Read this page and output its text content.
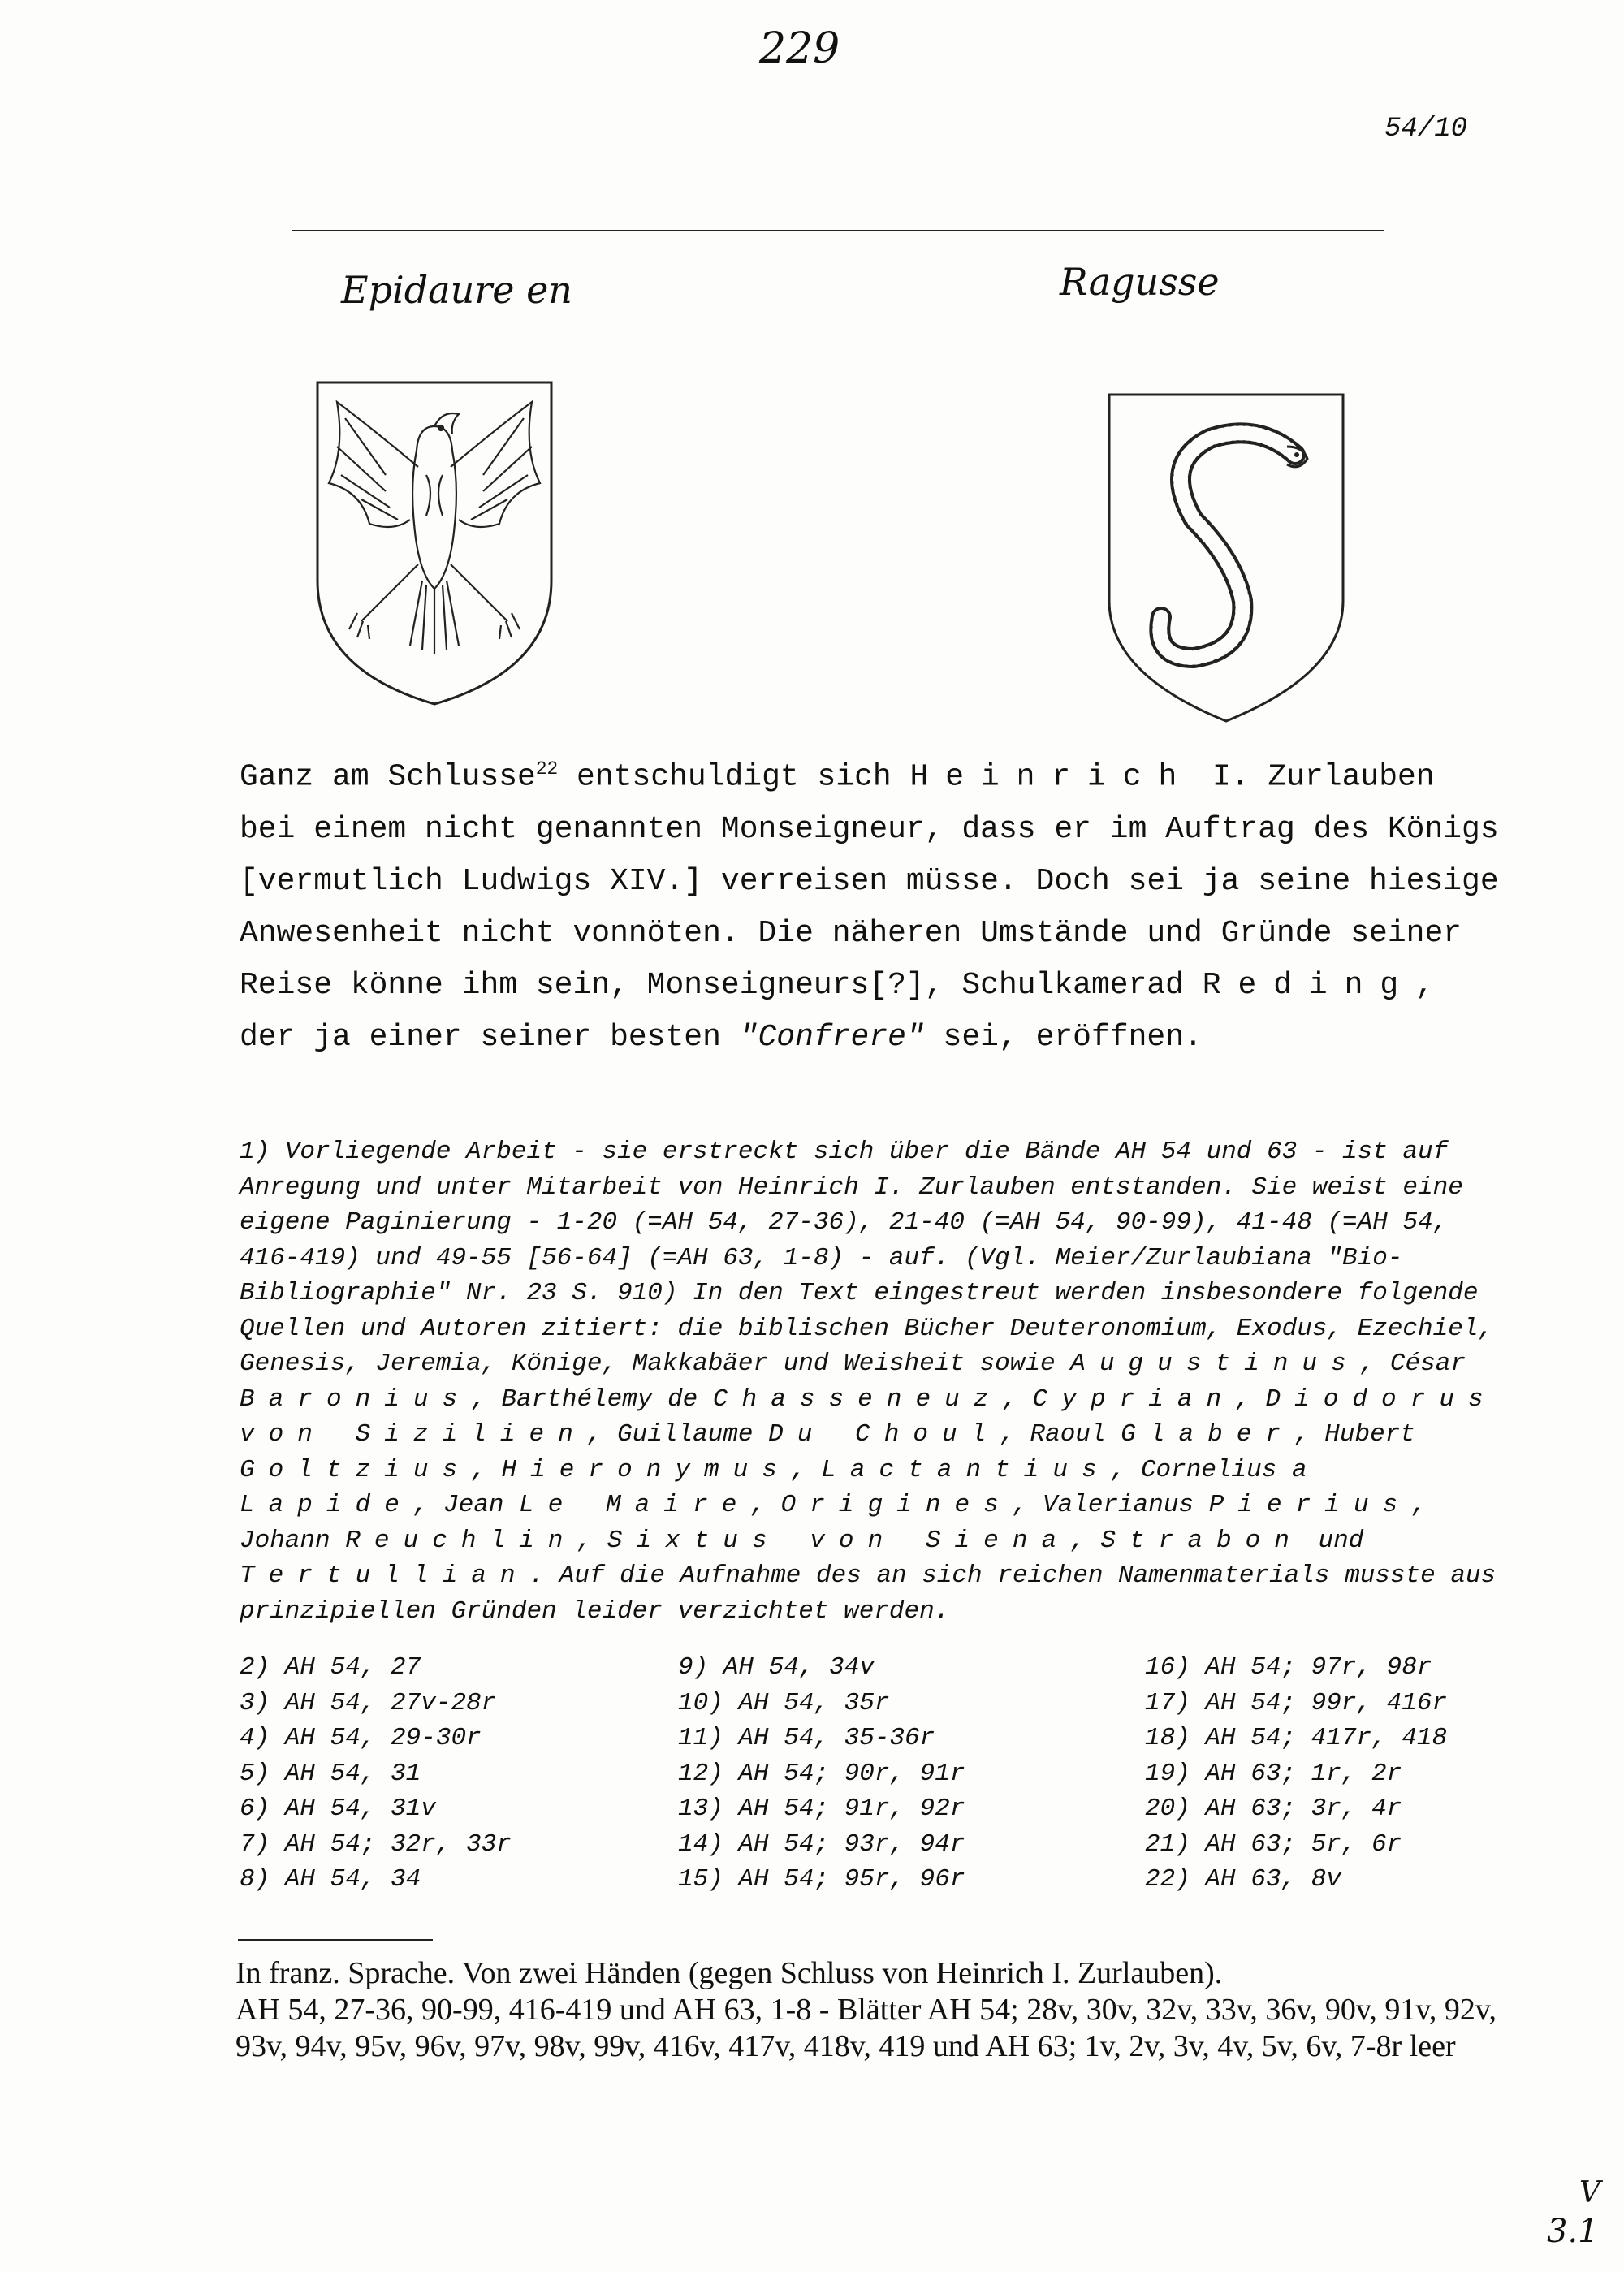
229
54/10
Epidaure en	Ragusse
Ganz am Schlusse$^{22}$ entschuldigt sich Heinrich I. Zurlauben bei einem nicht genannten Monseigneur, dass er im Auftrag des Königs [vermutlich Ludwigs XIV.] verreisen müsse. Doch sei ja seine hiesige Anwesenheit nicht vonnöten. Die näheren Umstände und Gründe seiner Reise könne ihm sein, Monseigneurs[?], Schulkamerad Reding, der ja einer seiner besten "Confrere" sei, eröffnen.
1) Vorliegende Arbeit - sie erstreckt sich über die Bände AH 54 und 63 - ist auf Anregung und unter Mitarbeit von Heinrich I. Zurlauben entstanden. Sie weist eine eigene Paginierung - 1-20 (=AH 54, 27-36), 21-40 (=AH 54, 90-99), 41-48 (=AH 54, 416-419) und 49-55 [56-64] (=AH 63, 1-8) - auf. (Vgl. Meier/Zurlaubiana "Bio-Bibliographie" Nr. 23 S. 910) In den Text eingestreut werden insbesondere folgende Quellen und Autoren zitiert: die biblischen Bücher Deuteronomium, Exodus, Ezechiel, Genesis, Jeremia, Könige, Makkabäer und Weisheit sowie Augustinus, César Baronius, Barthélemy de Chasseneuz, Cyprian, Diodorus von Sizilien, Guillaume Du Choul, Raoul Glaber, Hubert Goltzius, Hieronymus, Lactantius, Cornelius a Lapide, Jean Le Maire, Origines, Valerianus Pierius, Johann Reuchlin, Sixtus von Siena, Strabon und Tertullian. Auf die Aufnahme des an sich reichen Namenmaterials musste aus prinzipiellen Gründen leider verzichtet werden.
2) AH 54, 27
3) AH 54, 27v-28r
4) AH 54, 29-30r
5) AH 54, 31
6) AH 54, 31v
7) AH 54; 32r, 33r
8) AH 54, 34
9) AH 54, 34v
10) AH 54, 35r
11) AH 54, 35-36r
12) AH 54; 90r, 91r
13) AH 54; 91r, 92r
14) AH 54; 93r, 94r
15) AH 54; 95r, 96r
16) AH 54; 97r, 98r
17) AH 54; 99r, 416r
18) AH 54; 417r, 418
19) AH 63; 1r, 2r
20) AH 63; 3r, 4r
21) AH 63; 5r, 6r
22) AH 63, 8v
In franz. Sprache. Von zwei Händen (gegen Schluss von Heinrich I. Zurlauben).
AH 54, 27-36, 90-99, 416-419 und AH 63, 1-8 - Blätter AH 54; 28v, 30v, 32v, 33v, 36v, 90v, 91v, 92v, 93v, 94v, 95v, 96v, 97v, 98v, 99v, 416v, 417v, 418v, 419 und AH 63; 1v, 2v, 3v, 4v, 5v, 6v, 7-8r leer
V
3.1
